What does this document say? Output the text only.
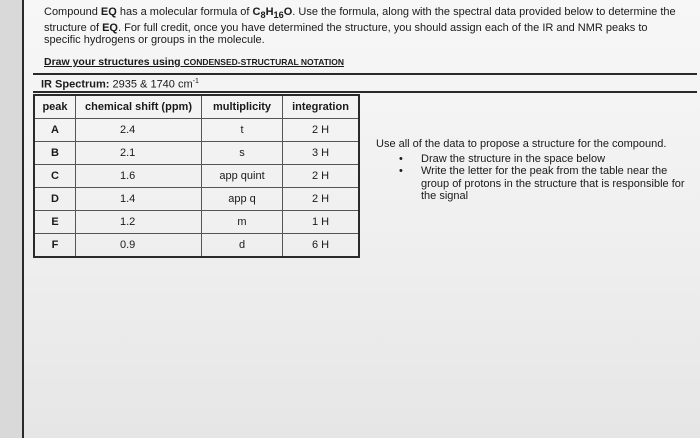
Compound EQ has a molecular formula of $C_8H_{16}O$. Use the formula, along with the spectral data provided below to determine the structure of EQ. For full credit, once you have determined the structure, you should assign each of the IR and NMR peaks to specific hydrogens or groups in the molecule.
Draw your structures using CONDENSED-STRUCTURAL NOTATION
IR Spectrum: 2935 & 1740 $cm^{-1}$
peak	chemical shift (ppm)	multiplicity	integration
A	2.4	t	2 H
B	2.1	s	3 H
C	1.6	app quint	2 H
D	1.4	app q	2 H
E	1.2	m	1 H
F	0.9	d	6 H
Use all of the data to propose a structure for the compound.
• Draw the structure in the space below
• Write the letter for the peak from the table near the group of protons in the structure that is responsible for the signal
